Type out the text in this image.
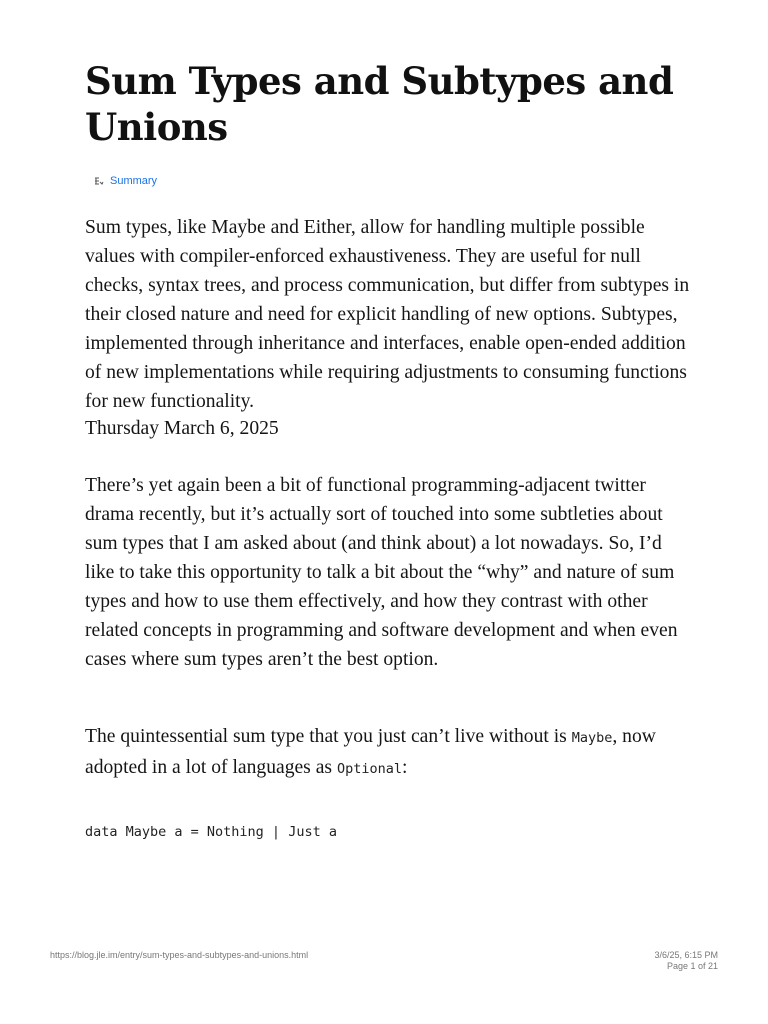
Sum Types and Subtypes and Unions
Summary

Sum types, like Maybe and Either, allow for handling multiple possible values with compiler-enforced exhaustiveness. They are useful for null checks, syntax trees, and process communication, but differ from subtypes in their closed nature and need for explicit handling of new options. Subtypes, implemented through inheritance and interfaces, enable open-ended addition of new implementations while requiring adjustments to consuming functions for new functionality.

Thursday March 6, 2025

There’s yet again been a bit of functional programming-adjacent twitter drama recently, but it’s actually sort of touched into some subtleties about sum types that I am asked about (and think about) a lot nowadays. So, I’d like to take this opportunity to talk a bit about the “why” and nature of sum types and how to use them effectively, and how they contrast with other related concepts in programming and software development and when even cases where sum types aren’t the best option.

The quintessential sum type that you just can’t live without is Maybe, now adopted in a lot of languages as Optional:

data Maybe a = Nothing | Just a
https://blog.jle.im/entry/sum-types-and-subtypes-and-unions.html	3/6/25, 6:15 PM
Page 1 of 21
